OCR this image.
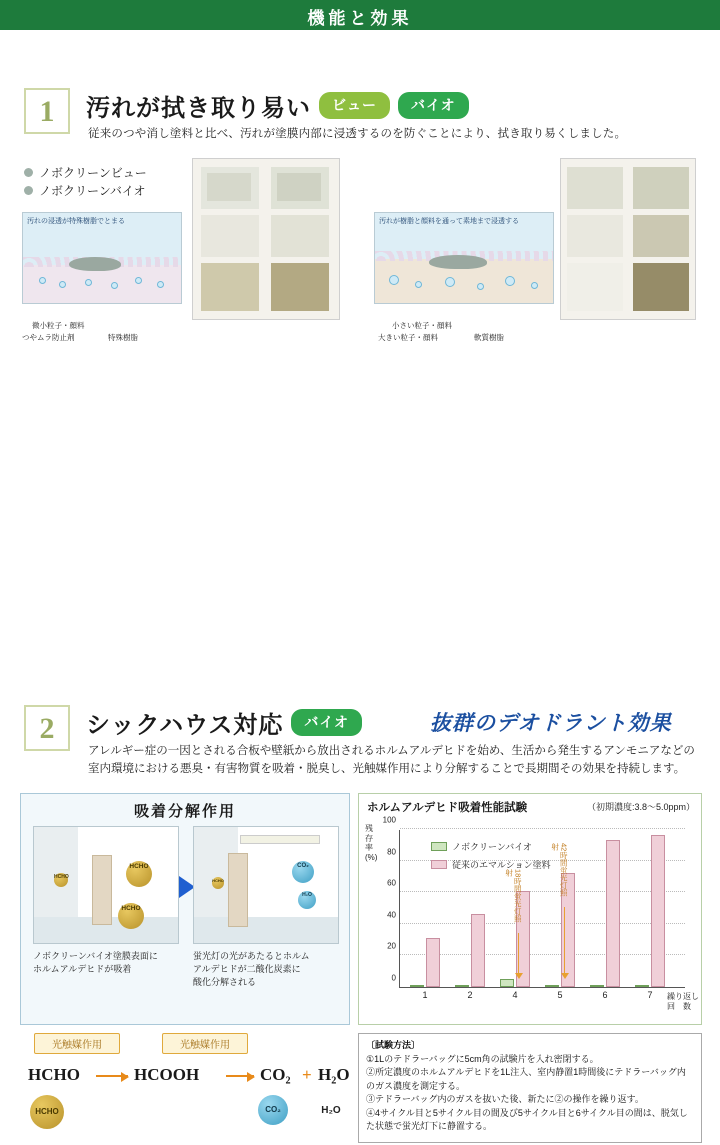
機能と効果
1	汚れが拭き取り易い ビュー バイオ
従来のつや消し塗料と比べ、汚れが塗膜内部に浸透するのを防ぐことにより、拭き取り易くしました。
ノボクリーンビュー
ノボクリーンバイオ
汚れの浸透が特殊樹脂でとまる
微小粒子・顔料
つやムラ防止剤	特殊樹脂
汚れが樹脂と顔料を通って素地まで浸透する
小さい粒子・顔料
大きい粒子・顔料	軟質樹脂
2	シックハウス対応 バイオ	抜群のデオドラント効果
アレルギー症の一因とされる合板や壁紙から放出されるホルムアルデヒドを始め、生活から発生するアンモニアなどの室内環境における悪臭・有害物質を吸着・脱臭し、光触媒作用により分解することで長期間その効果を持続します。
吸着分解作用
HCHO
HCHO
HCHO
CO₂
H₂O
HCHO
ノボクリーンバイオ塗膜表面に
ホルムアルデヒドが吸着
蛍光灯の光があたるとホルム
アルデヒドが二酸化炭素に
酸化分解される
光触媒作用	光触媒作用
HCHO → HCOOH → CO₂ + H₂O
HCHO	CO₂	H₂O
ホルムアルデヒド吸着性能試験	（初期濃度:3.8～5.0ppm）
残
存
率
(%)
100
80
60
40
20
0
1	2	4	5	6	7
18時間蛍光灯照射	42時間蛍光灯照射
ノボクリーンバイオ
従来のエマルション塗料
繰り返し
回　数
〔試験方法〕
①1Lのテドラーバッグに5cm角の試験片を入れ密閉する。
②所定濃度のホルムアルデヒドを1L注入、室内静置1時間後にテドラーバッグ内のガス濃度を測定する。
③テドラーバッグ内のガスを抜いた後、新たに②の操作を繰り返す。
④4サイクル目と5サイクル目の間及び5サイクル目と6サイクル目の間は、脱気した状態で蛍光灯下に静置する。
